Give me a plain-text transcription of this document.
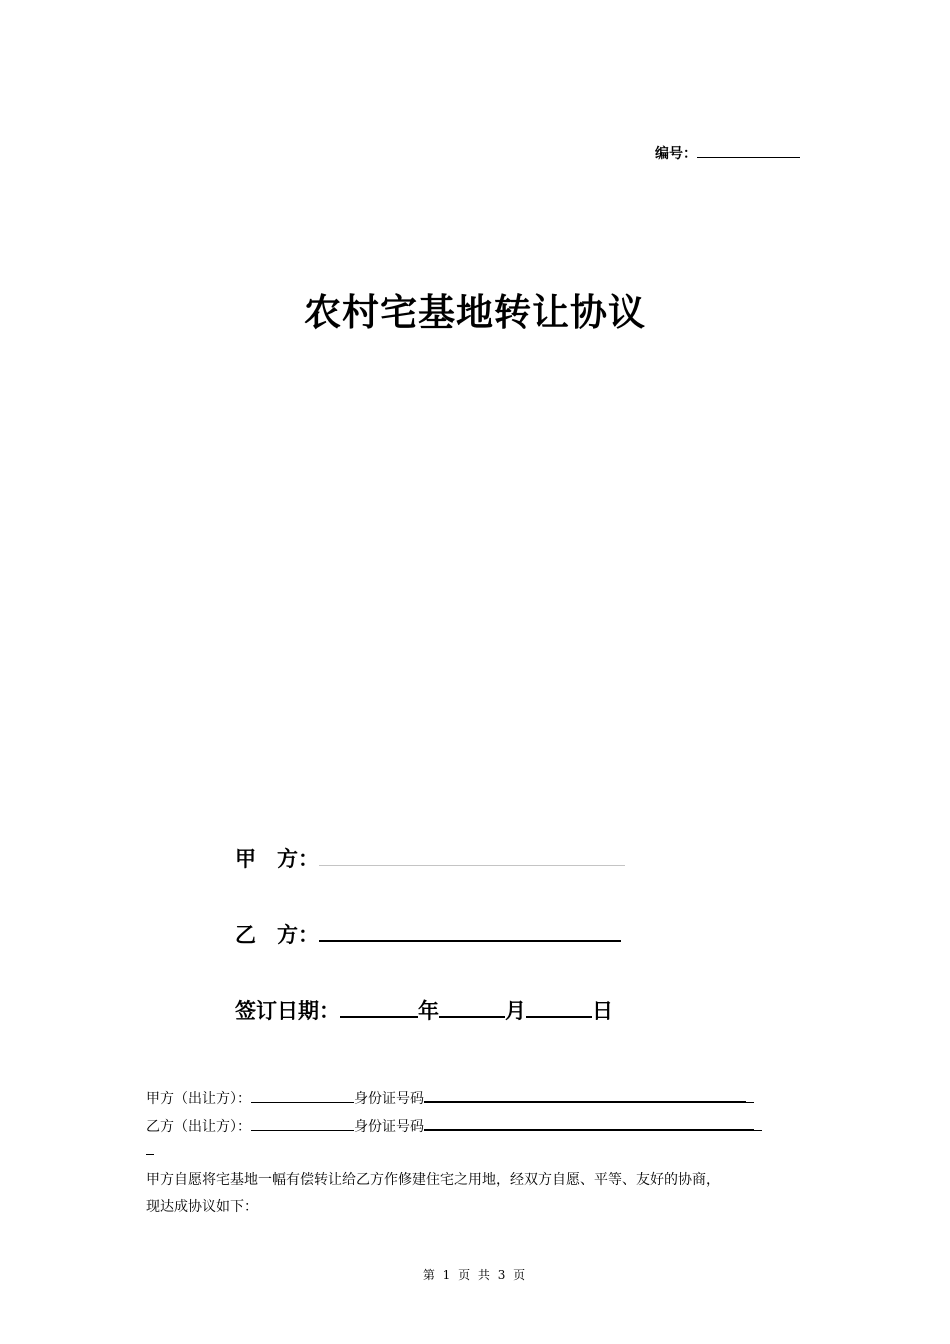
编号：
农村宅基地转让协议
甲　方：
乙　方：
签订日期：	年	月	日
甲方（出让方）：	身份证号码
乙方（出让方）：	身份证号码
甲方自愿将宅基地一幅有偿转让给乙方作修建住宅之用地，经双方自愿、平等、友好的协商，
现达成协议如下：
第 1 页 共 3 页
